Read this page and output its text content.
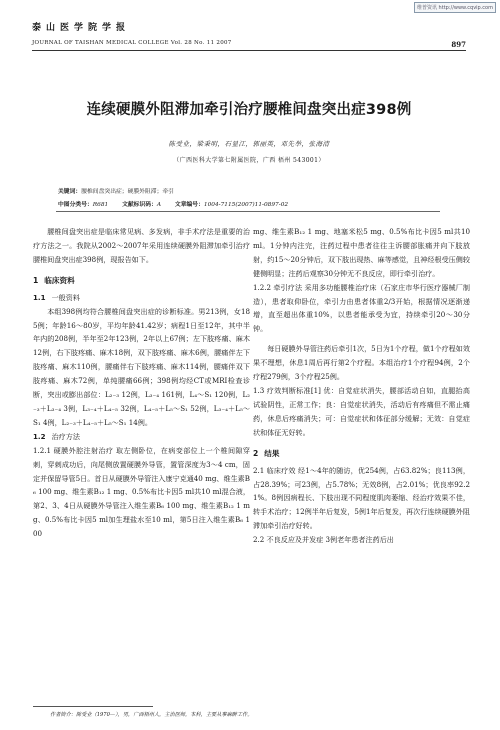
维普资讯 http://www.cqvip.com
泰山医学院学报
JOURNAL OF TAISHAN MEDICAL COLLEGE Vol. 28 No. 11 2007	897
连续硬膜外阻滞加牵引治疗腰椎间盘突出症398例
陈受业，梁秉明，石显江，郭丽英，邓先举，张海清
（广西医科大学第七附属医院，广西 梧州 543001）
关键词：腰椎间盘突出症；硬膜外阻滞；牵引
中图分类号：R681 文献标识码：A 文章编号：1004-7115(2007)11-0897-02

腰椎间盘突出症是临床常见病、多发病，非手术疗法是重要的治疗方法之一。我院从2002～2007年采用连续硬膜外阻滞加牵引治疗腰椎间盘突出症398例，现报告如下。

1 临床资料
1.1 一般资料

本组398例均符合腰椎间盘突出症的诊断标准。男213例，女185例；年龄16～80岁，平均年龄41.42岁；病程1日至12年，其中半年内的208例，半年至2年123例，2年以上67例；左下肢疼痛、麻木12例，右下肢疼痛、麻木18例，双下肢疼痛、麻木6例，腰痛伴左下肢疼痛、麻木110例，腰痛伴右下肢疼痛、麻木114例，腰痛伴双下肢疼痛、麻木72例，单纯腰痛66例；398例均经CT或MRI检查诊断，突出或膨出部位：L₂₋₃ 12例，L₃₋₄ 161例，L₄～S₁ 120例，L₂₋₃＋L₃₋₄ 3例，L₃₋₄＋L₄₋₅ 32例，L₄₋₅＋L₅～S₁ 52例，L₃₋₄＋L₅～S₁ 4例，L₂₋₃＋L₄₋₅＋L₅～S₁ 14例。

1.2 治疗方法

1.2.1 硬膜外腔注射治疗 取左侧卧位，在病变部位上一个椎间隙穿刺，穿刺成功后，向尾侧放置硬膜外导管，置管深度为3～4 cm，固定并保留导管5日。首日从硬膜外导管注入康宁克通40 mg、维生素B₆ 100 mg、维生素B₁₂ 1 mg、0.5%布比卡因5 ml共10 ml混合液，第2、3、4日从硬膜外导管注入维生素B₆ 100 mg、维生素B₁₂ 1 mg、0.5%布比卡因5 ml加生理盐水至10 ml，第5日注入维生素B₆ 100

mg、维生素B₁₂ 1 mg、地塞米松5 mg、0.5%布比卡因5 ml共10 ml。1分钟内注完，注药过程中患者往往主诉腰部胀痛并向下肢放射，约15～20分钟后，双下肢出现热、麻等感觉，且神经根受压侧较健侧明显；注药后观察30分钟无不良反应，即行牵引治疗。

1.2.2 牵引疗法 采用多功能腰椎治疗床（石家庄市华行医疗器械厂制造），患者取仰卧位，牵引力由患者体重2/3开始，根据情况逐渐递增，直至超出体重10%，以患者能承受为宜，持续牵引20～30分钟。

每日硬膜外导管注药后牵引1次，5日为1个疗程，做1个疗程如效果不理想，休息1周后再行第2个疗程。本组治疗1个疗程94例，2个疗程279例，3个疗程25例。

1.3 疗效判断标准[1] 优：自觉症状消失，腰部活动自如，直腿抬高试验阴性，正常工作；良：自觉症状消失，活动后有疼痛但不需止痛药，休息后疼痛消失；可：自觉症状和体征部分缓解；无效：自觉症状和体征无好转。

2 结果

2.1 临床疗效 经1～4年的随访，优254例，占63.82%；良113例，占28.39%；可23例，占5.78%；无效8例，占2.01%；优良率92.21%。8例因病程长、下肢出现不同程度肌肉萎缩、经治疗效果不佳，转手术治疗；12例半年后复发，5例1年后复发，再次行连续硬膜外阻滞加牵引治疗好转。

2.2 不良反应及并发症 3例老年患者注药后出

作者简介：陈受业（1970—），男，广西梧州人，主治医师，本科，主要从事麻醉工作。
